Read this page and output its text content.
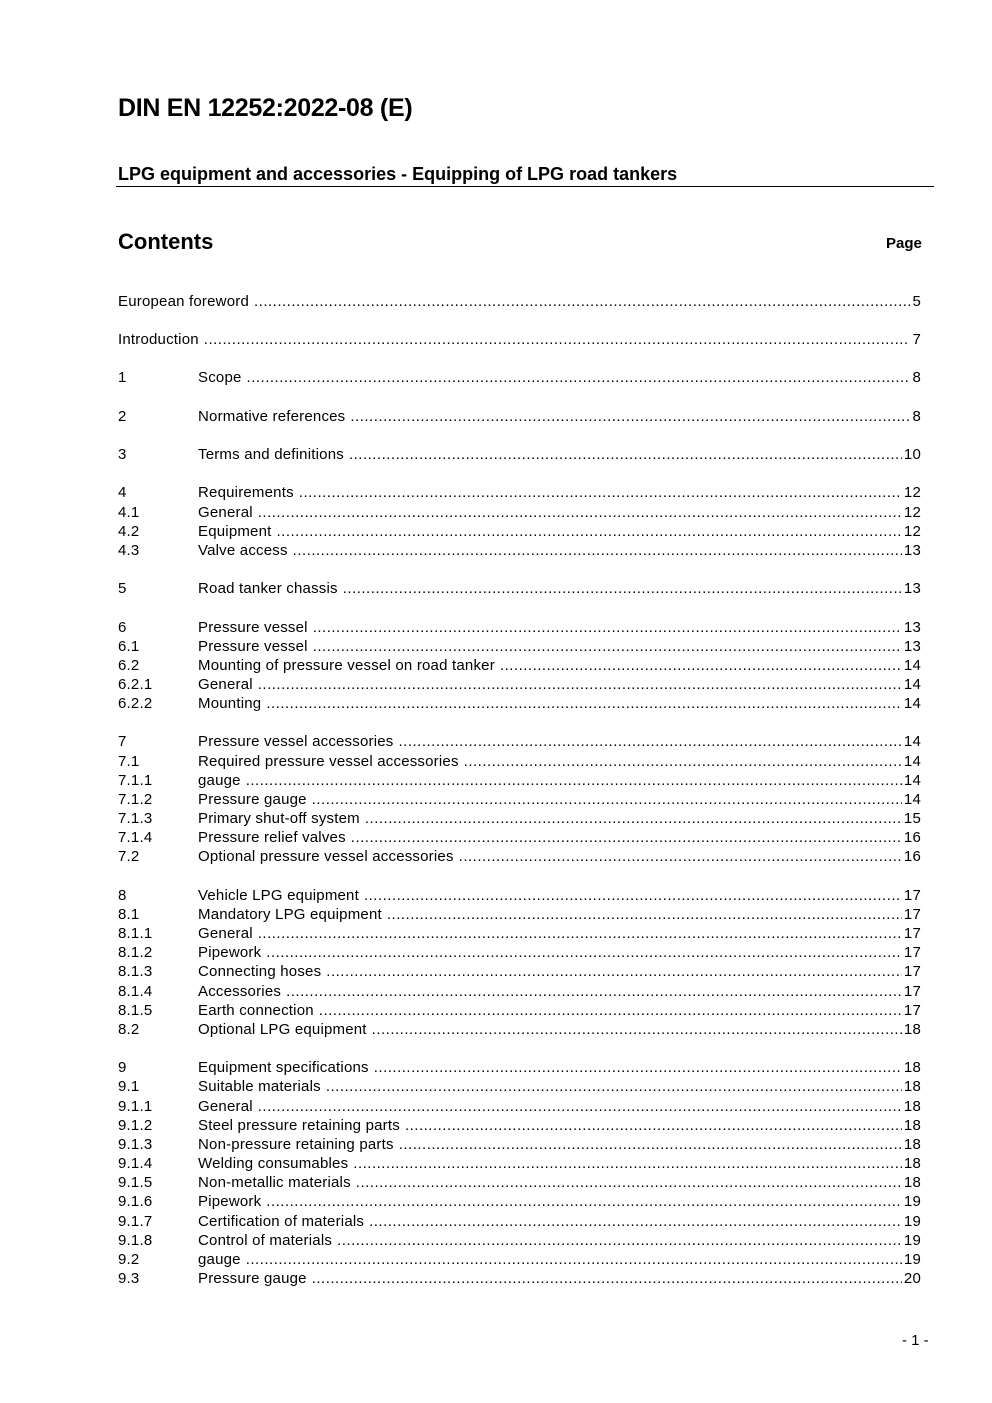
DIN EN 12252:2022-08 (E)
LPG equipment and accessories - Equipping of LPG road tankers
Contents	Page
European foreword .....	5
Introduction .....	7
1	Scope .....	8
2	Normative references .....	8
3	Terms and definitions .....	10
4	Requirements .....	12
4.1	General .....	12
4.2	Equipment .....	12
4.3	Valve access .....	13
5	Road tanker chassis .....	13
6	Pressure vessel .....	13
6.1	Pressure vessel .....	13
6.2	Mounting of pressure vessel on road tanker .....	14
6.2.1	General .....	14
6.2.2	Mounting .....	14
7	Pressure vessel accessories .....	14
7.1	Required pressure vessel accessories .....	14
7.1.1	gauge .....	14
7.1.2	Pressure gauge .....	14
7.1.3	Primary shut-off system .....	15
7.1.4	Pressure relief valves .....	16
7.2	Optional pressure vessel accessories .....	16
8	Vehicle LPG equipment .....	17
8.1	Mandatory LPG equipment .....	17
8.1.1	General .....	17
8.1.2	Pipework .....	17
8.1.3	Connecting hoses .....	17
8.1.4	Accessories .....	17
8.1.5	Earth connection .....	17
8.2	Optional LPG equipment .....	18
9	Equipment specifications .....	18
9.1	Suitable materials .....	18
9.1.1	General .....	18
9.1.2	Steel pressure retaining parts .....	18
9.1.3	Non-pressure retaining parts .....	18
9.1.4	Welding consumables .....	18
9.1.5	Non-metallic materials .....	18
9.1.6	Pipework .....	19
9.1.7	Certification of materials .....	19
9.1.8	Control of materials .....	19
9.2	gauge .....	19
9.3	Pressure gauge .....	20
- 1 -
